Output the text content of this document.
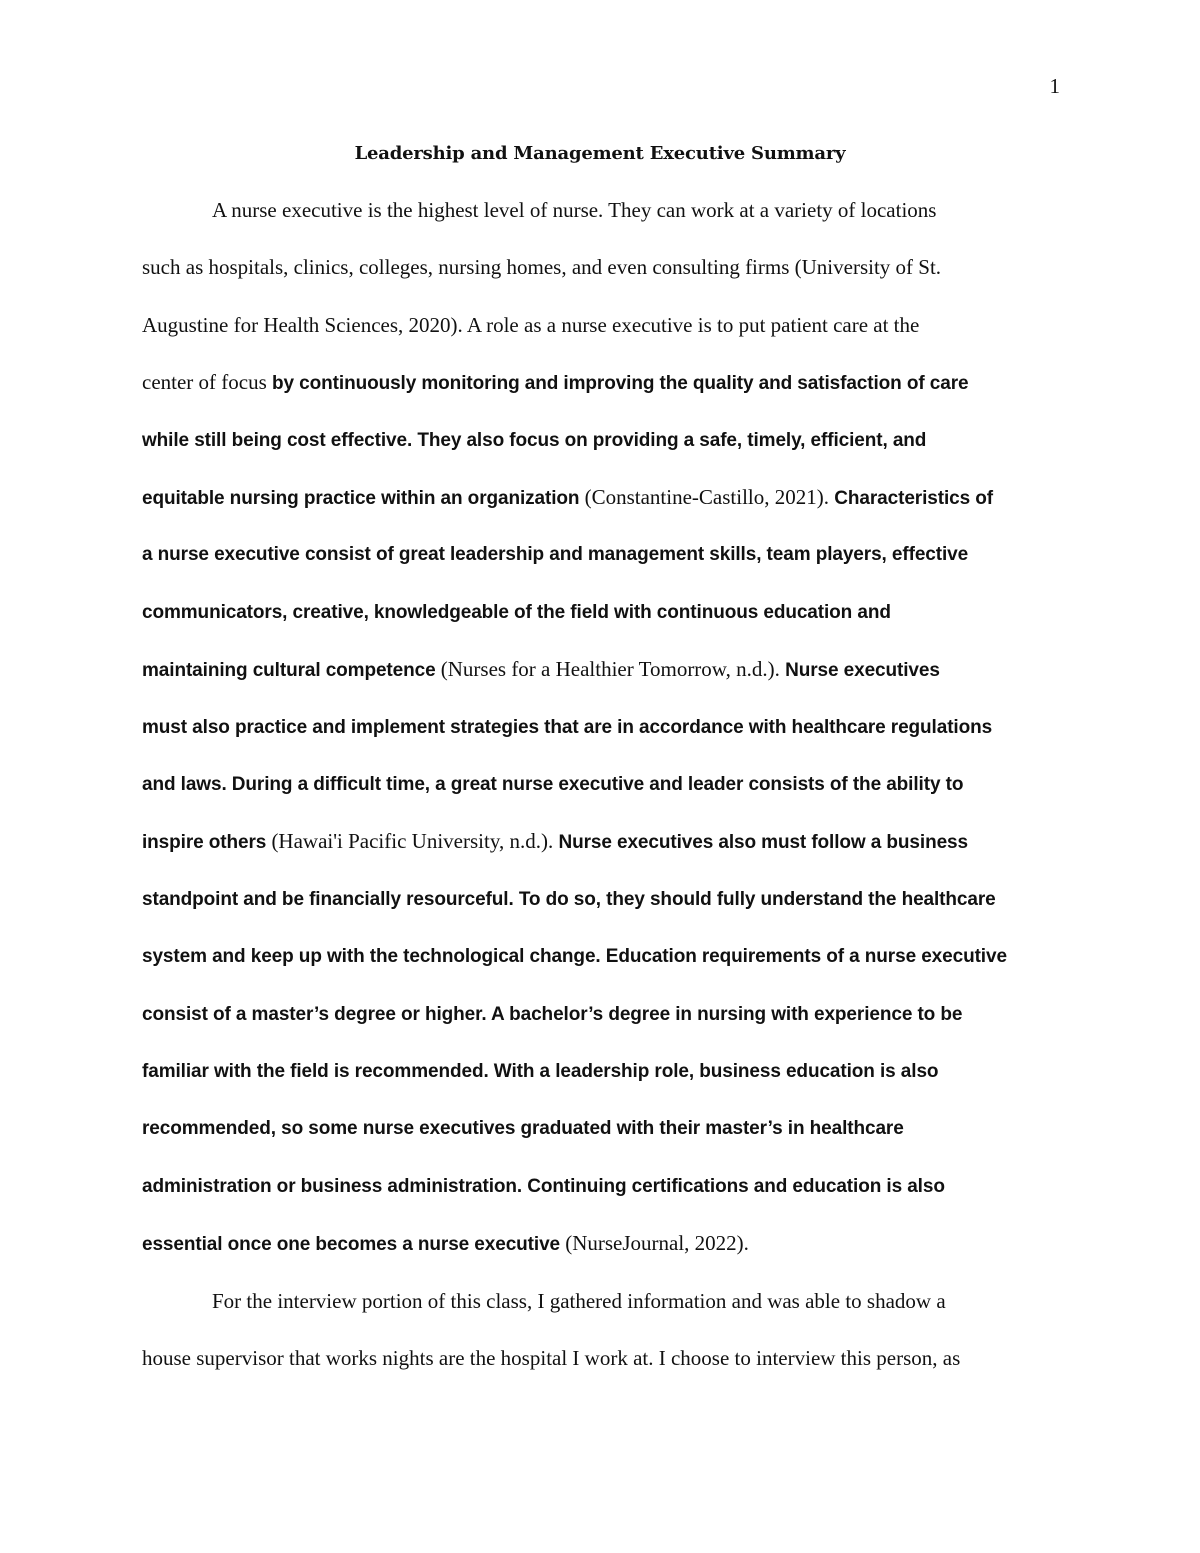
1
Leadership and Management Executive Summary
A nurse executive is the highest level of nurse. They can work at a variety of locations
such as hospitals, clinics, colleges, nursing homes, and even consulting firms (University of St.
Augustine for Health Sciences, 2020). A role as a nurse executive is to put patient care at the
center of focus by continuously monitoring and improving the quality and satisfaction of care
while still being cost effective. They also focus on providing a safe, timely, efficient, and
equitable nursing practice within an organization (Constantine-Castillo, 2021). Characteristics of
a nurse executive consist of great leadership and management skills, team players, effective
communicators, creative, knowledgeable of the field with continuous education and
maintaining cultural competence (Nurses for a Healthier Tomorrow, n.d.). Nurse executives
must also practice and implement strategies that are in accordance with healthcare regulations
and laws. During a difficult time, a great nurse executive and leader consists of the ability to
inspire others (Hawai'i Pacific University, n.d.). Nurse executives also must follow a business
standpoint and be financially resourceful. To do so, they should fully understand the healthcare
system and keep up with the technological change. Education requirements of a nurse executive
consist of a master’s degree or higher. A bachelor’s degree in nursing with experience to be
familiar with the field is recommended. With a leadership role, business education is also
recommended, so some nurse executives graduated with their master’s in healthcare
administration or business administration. Continuing certifications and education is also
essential once one becomes a nurse executive (NurseJournal, 2022).
For the interview portion of this class, I gathered information and was able to shadow a
house supervisor that works nights are the hospital I work at. I choose to interview this person, as
